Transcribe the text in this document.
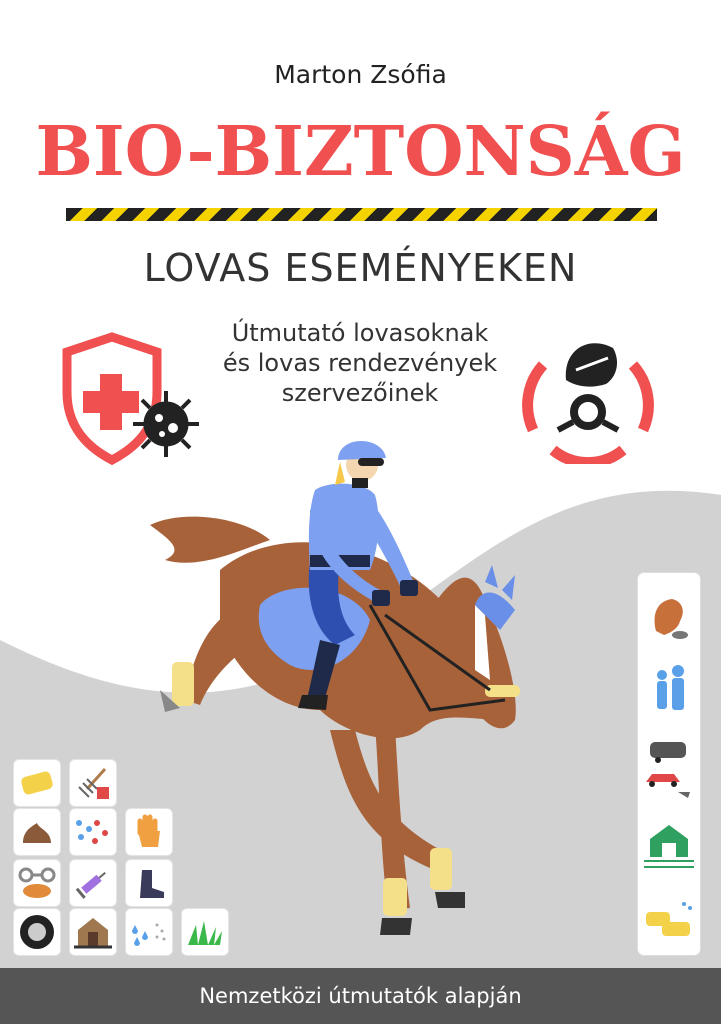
Marton Zsófia
BIO-BIZTONSÁG
LOVAS ESEMÉNYEKEN
Útmutató lovasoknak
és lovas rendezvények
szervezőinek
Nemzetközi útmutatók alapján
